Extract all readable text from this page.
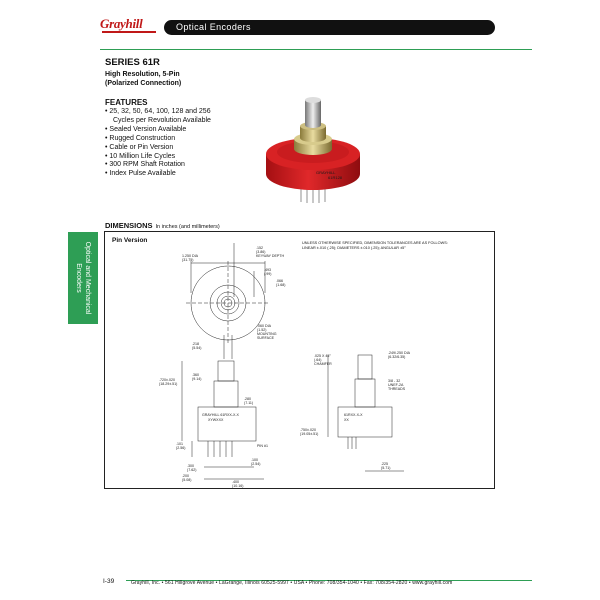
Grayhill	Optical Encoders
SERIES 61R
High Resolution, 5-Pin
(Polarized Connection)
FEATURES
• 25, 32, 50, 64, 100, 128 and 256
Cycles per Revolution Available
• Sealed Version Available
• Rugged Construction
• Cable or Pin Version
• 10 Million Life Cycles
• 300 RPM Shaft Rotation
• Index Pulse Available	GRAYHILL
61R128
DIMENSIONS In inches (and millimeters)
Optical and Mechanical
Encoders
Pin Version	UNLESS OTHERWISE SPECIFIED, DIMENSION TOLERANCES ARE AS FOLLOWS:
LINEAR ±.010 (.25); DIAMETERS ±.010 (.25); ANGULAR ±5°
1.250 DIA
(31.75)
.152
(3.86)
KEYWAY DEPTH
.493
(.99)
.066
(1.68)
.060 DIA
(1.52)
MOUNTING
SURFACE
.218
(5.54)
.720±.020
(18.29±.51)
.360
(9.14)
.280
(7.11)
GRAYHILL 61RXX-X-X
XYWXXX
.101
(2.56)	PIN #1
.100
(2.54)
.300
(7.62)
.200
(5.08)	.400
(10.16)
.025 X 45°
(.64)
CHAMFER
.249/.250 DIA
(6.32/6.35)
3/8 - 32
UNEF-2A
THREADS
61RXX-X-X
XX
.750±.020
(19.05±.51)
.225
(5.71)
I-39	Grayhill, Inc. • 561 Hillgrove Avenue • LaGrange, Illinois 60525-5997 • USA • Phone: 708/354-1040 • Fax: 708/354-2820 • www.grayhill.com
